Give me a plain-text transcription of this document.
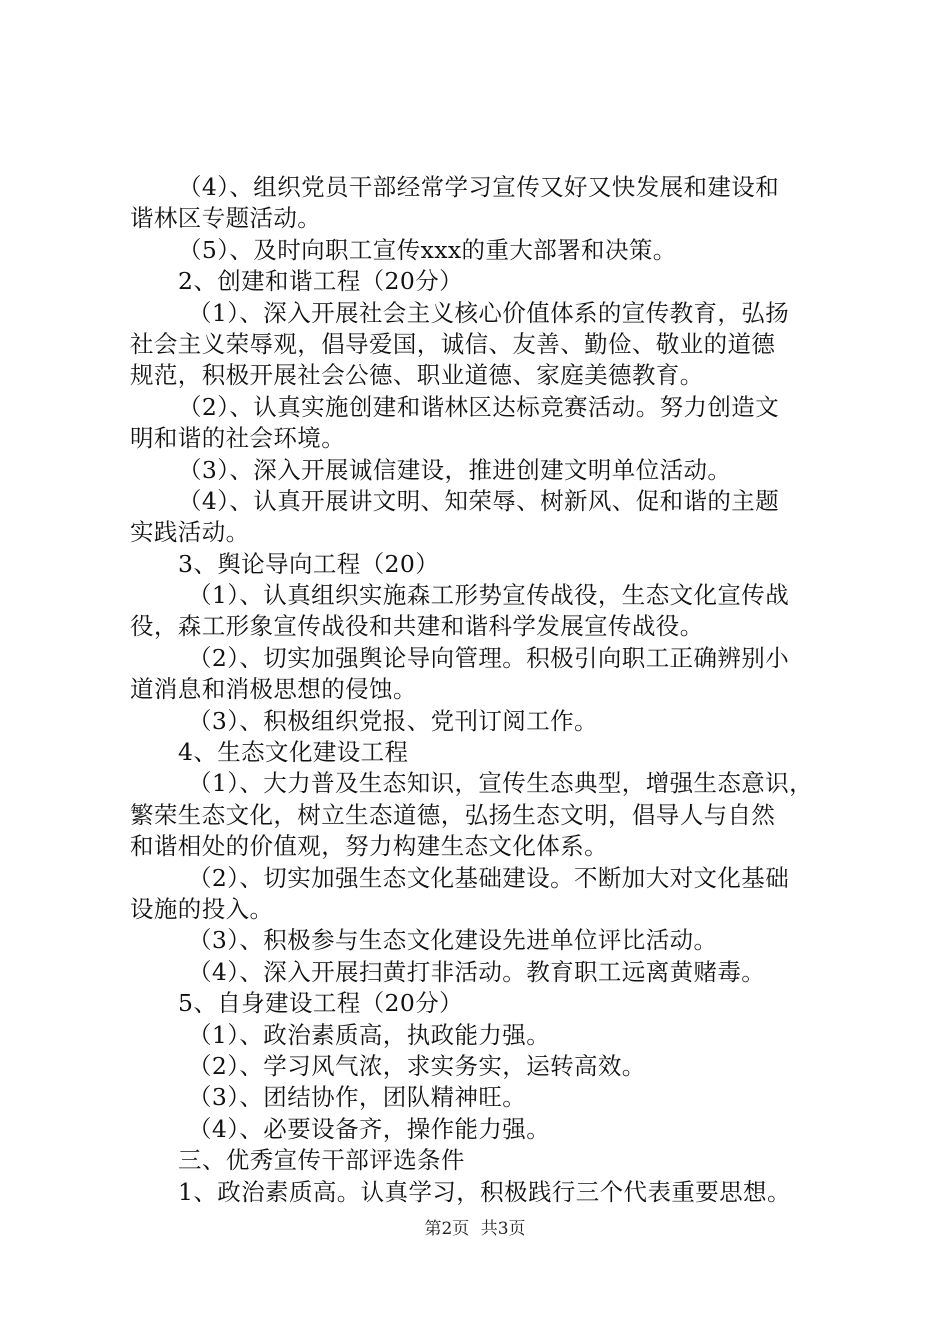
（4）、组织党员干部经常学习宣传又好又快发展和建设和
谐林区专题活动。
（5）、及时向职工宣传xxx的重大部署和决策。
2、创建和谐工程（20分）
（1）、深入开展社会主义核心价值体系的宣传教育，弘扬
社会主义荣辱观，倡导爱国，诚信、友善、勤俭、敬业的道德
规范，积极开展社会公德、职业道德、家庭美德教育。
（2）、认真实施创建和谐林区达标竞赛活动。努力创造文
明和谐的社会环境。
（3）、深入开展诚信建设，推进创建文明单位活动。
（4）、认真开展讲文明、知荣辱、树新风、促和谐的主题
实践活动。
3、舆论导向工程（20）
（1）、认真组织实施森工形势宣传战役，生态文化宣传战
役，森工形象宣传战役和共建和谐科学发展宣传战役。
（2）、切实加强舆论导向管理。积极引向职工正确辨别小
道消息和消极思想的侵蚀。
（3）、积极组织党报、党刊订阅工作。
4、生态文化建设工程
（1）、大力普及生态知识，宣传生态典型，增强生态意识，
繁荣生态文化，树立生态道德，弘扬生态文明，倡导人与自然
和谐相处的价值观，努力构建生态文化体系。
（2）、切实加强生态文化基础建设。不断加大对文化基础
设施的投入。
（3）、积极参与生态文化建设先进单位评比活动。
（4）、深入开展扫黄打非活动。教育职工远离黄赌毒。
5、自身建设工程（20分）
（1）、政治素质高，执政能力强。
（2）、学习风气浓，求实务实，运转高效。
（3）、团结协作，团队精神旺。
（4）、必要设备齐，操作能力强。
三、优秀宣传干部评选条件
1、政治素质高。认真学习，积极践行三个代表重要思想。
第2页 共3页
